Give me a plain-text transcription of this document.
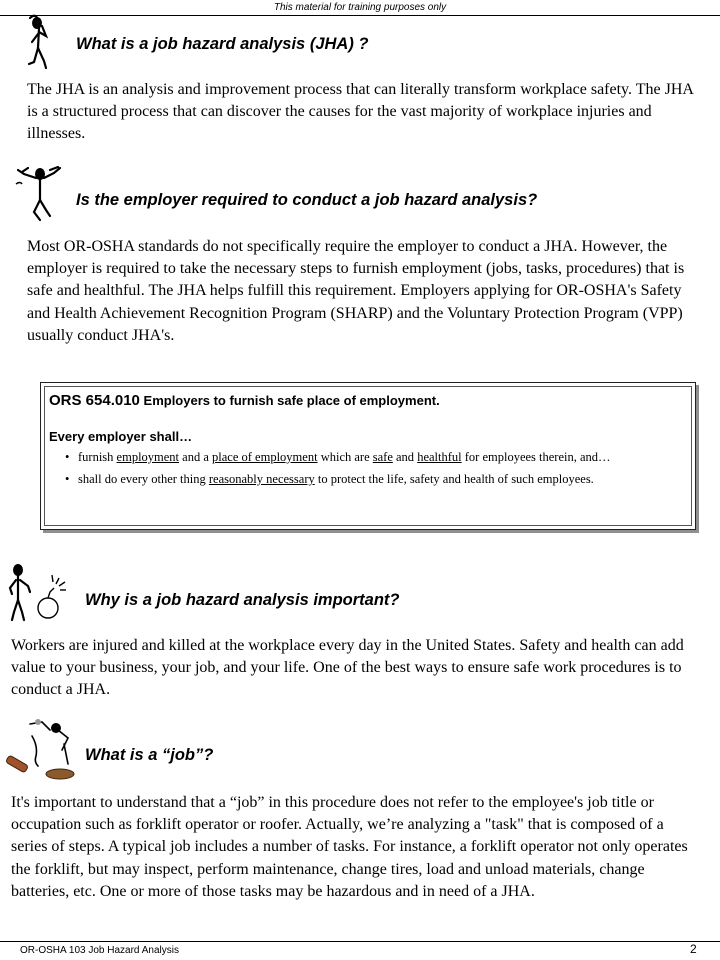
This material for training purposes only
What is a job hazard analysis (JHA) ?
The JHA is an analysis and improvement process that can literally transform workplace safety. The JHA is a structured process that can discover the causes for the vast majority of workplace injuries and illnesses.
Is the employer required to conduct a job hazard analysis?
Most OR-OSHA standards do not specifically require the employer to conduct a JHA. However, the employer is required to take the necessary steps to furnish employment (jobs, tasks, procedures) that is safe and healthful. The JHA helps fulfill this requirement. Employers applying for OR-OSHA's Safety and Health Achievement Recognition Program (SHARP) and the Voluntary Protection Program (VPP) usually conduct JHA's.
ORS 654.010 Employers to furnish safe place of employment.
Every employer shall…
• furnish employment and a place of employment which are safe and healthful for employees therein, and…
• shall do every other thing reasonably necessary to protect the life, safety and health of such employees.
Why is a job hazard analysis important?
Workers are injured and killed at the workplace every day in the United States. Safety and health can add value to your business, your job, and your life. One of the best ways to ensure safe work procedures is to conduct a JHA.
What is a “job”?
It's important to understand that a “job” in this procedure does not refer to the employee's job title or occupation such as forklift operator or roofer. Actually, we’re analyzing a "task" that is composed of a series of steps. A typical job includes a number of tasks. For instance, a forklift operator not only operates the forklift, but may inspect, perform maintenance, change tires, load and unload materials, change batteries, etc. One or more of those tasks may be hazardous and in need of a JHA.
OR-OSHA 103 Job Hazard Analysis	2
